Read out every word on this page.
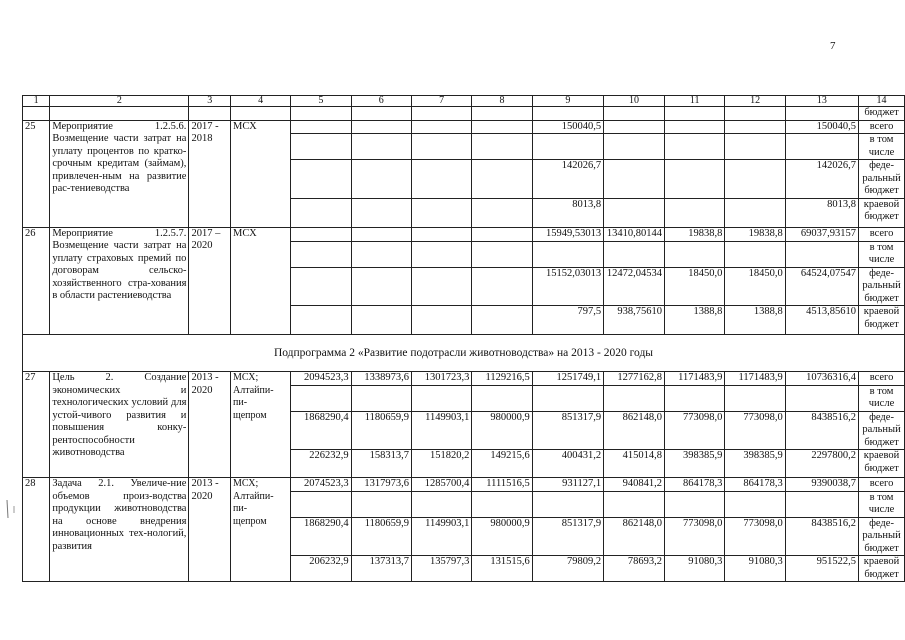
7
1	2	3	4	5	6	7	8	9	10	11	12	13	14
													бюджет
25	Мероприятие 1.2.5.6. Возмещение части затрат на уплату процентов по кратко-срочным кредитам (займам), привлечен-ным на развитие рас-тениеводства	2017 -
2018	МСХ					150040,5				150040,5	всего
													в том
числе
								142026,7				142026,7	феде-
ральный
бюджет
								8013,8				8013,8	краевой
бюджет
26	Мероприятие 1.2.5.7. Возмещение части затрат на уплату страховых премий по договорам сельско-хозяйственного стра-хования в области растениеводства	2017 –
2020	МСХ					15949,53013	13410,80144	19838,8	19838,8	69037,93157	всего
													в том
числе
								15152,03013	12472,04534	18450,0	18450,0	64524,07547	феде-
ральный
бюджет
								797,5	938,75610	1388,8	1388,8	4513,85610	краевой
бюджет
Подпрограмма 2 «Развитие подотрасли животноводства» на 2013 - 2020 годы													
27	Цель 2. Создание экономических и технологических условий для устой-чивого развития и повышения конку-рентоспособности животноводства	2013 -
2020	МСХ;
Алтайпи-
пи-
щепром	2094523,3	1338973,6	1301723,3	1129216,5	1251749,1	1277162,8	1171483,9	1171483,9	10736316,4	всего
													в том
числе
				1868290,4	1180659,9	1149903,1	980000,9	851317,9	862148,0	773098,0	773098,0	8438516,2	феде-
ральный
бюджет
				226232,9	158313,7	151820,2	149215,6	400431,2	415014,8	398385,9	398385,9	2297800,2	краевой
бюджет
28	Задача 2.1. Увеличе-ние объемов произ-водства продукции животноводства на основе внедрения инновационных тех-нологий, развития	2013 -
2020	МСХ;
Алтайпи-
пи-
щепром	2074523,3	1317973,6	1285700,4	1111516,5	931127,1	940841,2	864178,3	864178,3	9390038,7	всего
													в том
числе
				1868290,4	1180659,9	1149903,1	980000,9	851317,9	862148,0	773098,0	773098,0	8438516,2	феде-
ральный
бюджет
				206232,9	137313,7	135797,3	131515,6	79809,2	78693,2	91080,3	91080,3	951522,5	краевой
бюджет
